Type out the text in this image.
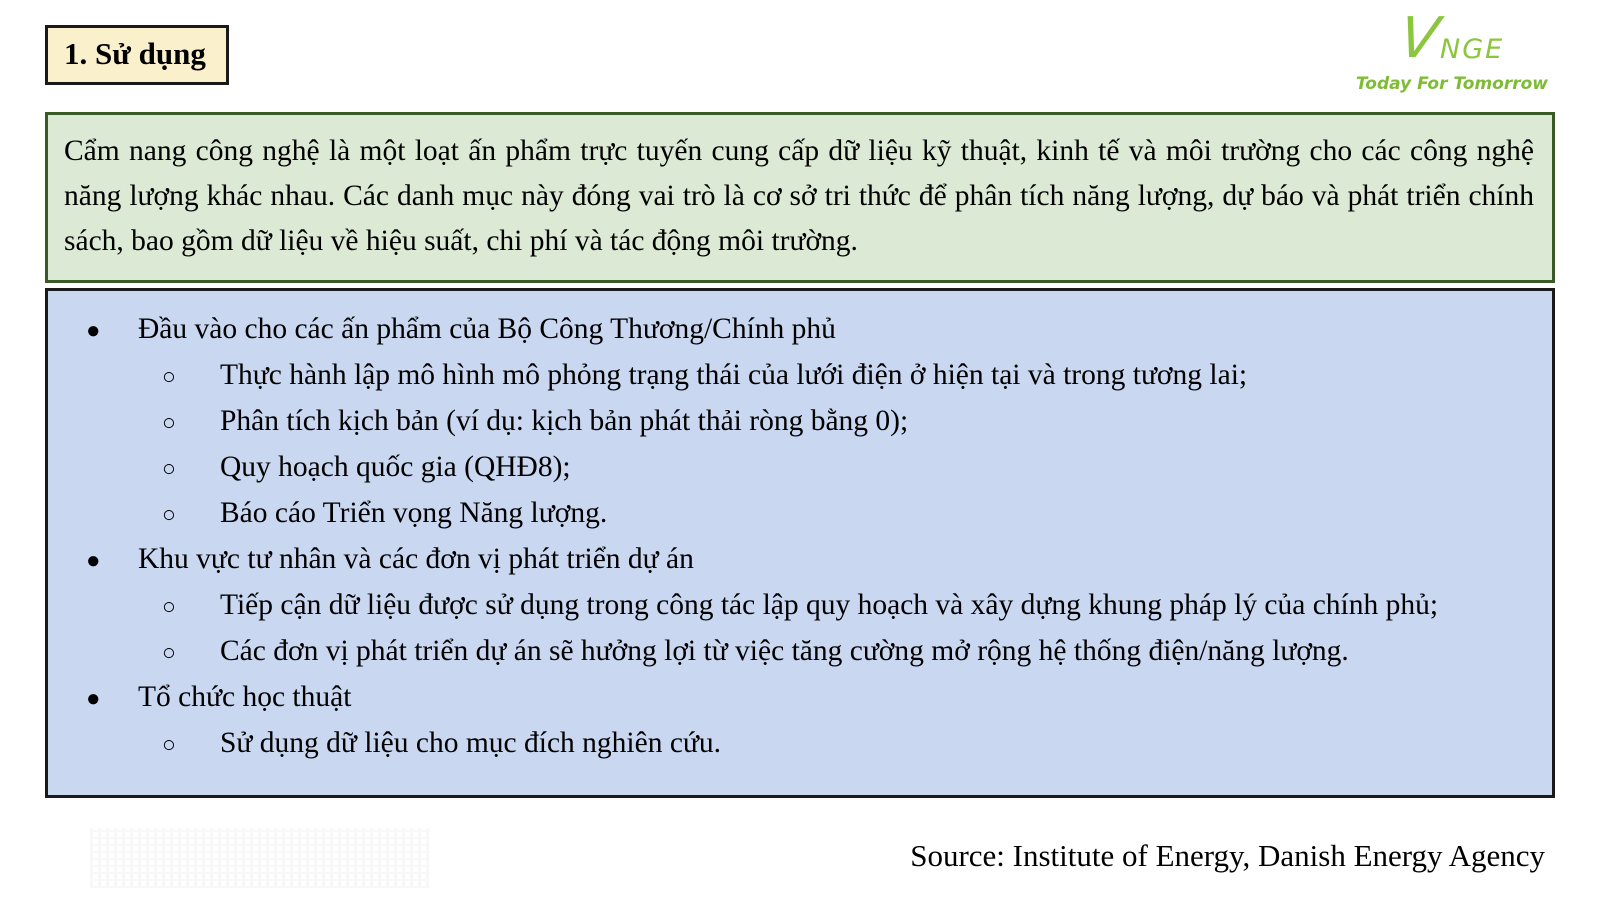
1. Sử dụng	V
NGE
Today For Tomorrow
Cẩm nang công nghệ là một loạt ấn phẩm trực tuyến cung cấp dữ liệu kỹ thuật, kinh tế và môi trường cho các công nghệ năng lượng khác nhau. Các danh mục này đóng vai trò là cơ sở tri thức để phân tích năng lượng, dự báo và phát triển chính sách, bao gồm dữ liệu về hiệu suất, chi phí và tác động môi trường.
●	Đầu vào cho các ấn phẩm của Bộ Công Thương/Chính phủ
○	Thực hành lập mô hình mô phỏng trạng thái của lưới điện ở hiện tại và trong tương lai;
○	Phân tích kịch bản (ví dụ: kịch bản phát thải ròng bằng 0);
○	Quy hoạch quốc gia (QHĐ8);
○	Báo cáo Triển vọng Năng lượng.
●	Khu vực tư nhân và các đơn vị phát triển dự án
○	Tiếp cận dữ liệu được sử dụng trong công tác lập quy hoạch và xây dựng khung pháp lý của chính phủ;
○	Các đơn vị phát triển dự án sẽ hưởng lợi từ việc tăng cường mở rộng hệ thống điện/năng lượng.
●	Tổ chức học thuật
○	Sử dụng dữ liệu cho mục đích nghiên cứu.
Source: Institute of Energy, Danish Energy Agency
